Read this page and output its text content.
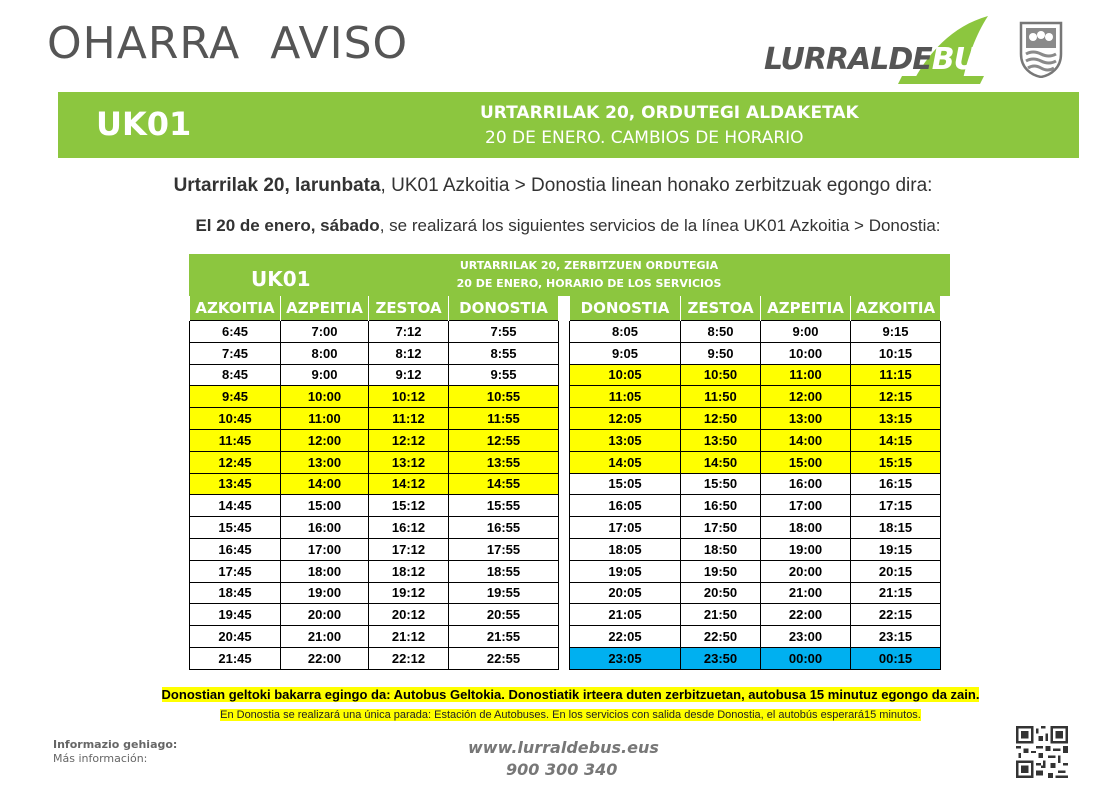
OHARRA  AVISO	LURRALDEBUS
UK01	URTARRILAK 20, ORDUTEGI ALDAKETAK
20 DE ENERO. CAMBIOS DE HORARIO
Urtarrilak 20, larunbata, UK01 Azkoitia > Donostia linean honako zerbitzuak egongo dira:
El 20 de enero, sábado, se realizará los siguientes servicios de la línea UK01 Azkoitia > Donostia:
UK01
URTARRILAK 20, ZERBITZUEN ORDUTEGIA
20 DE ENERO, HORARIO DE LOS SERVICIOS
AZKOITIA	AZPEITIA	ZESTOA	DONOSTIA
6:45	7:00	7:12	7:55
7:45	8:00	8:12	8:55
8:45	9:00	9:12	9:55
9:45	10:00	10:12	10:55
10:45	11:00	11:12	11:55
11:45	12:00	12:12	12:55
12:45	13:00	13:12	13:55
13:45	14:00	14:12	14:55
14:45	15:00	15:12	15:55
15:45	16:00	16:12	16:55
16:45	17:00	17:12	17:55
17:45	18:00	18:12	18:55
18:45	19:00	19:12	19:55
19:45	20:00	20:12	20:55
20:45	21:00	21:12	21:55
21:45	22:00	22:12	22:55
DONOSTIA	ZESTOA	AZPEITIA	AZKOITIA
8:05	8:50	9:00	9:15
9:05	9:50	10:00	10:15
10:05	10:50	11:00	11:15
11:05	11:50	12:00	12:15
12:05	12:50	13:00	13:15
13:05	13:50	14:00	14:15
14:05	14:50	15:00	15:15
15:05	15:50	16:00	16:15
16:05	16:50	17:00	17:15
17:05	17:50	18:00	18:15
18:05	18:50	19:00	19:15
19:05	19:50	20:00	20:15
20:05	20:50	21:00	21:15
21:05	21:50	22:00	22:15
22:05	22:50	23:00	23:15
23:05	23:50	00:00	00:15
Donostian geltoki bakarra egingo da: Autobus Geltokia. Donostiatik irteera duten zerbitzuetan, autobusa 15 minutuz egongo da zain.
En Donostia se realizará una única parada: Estación de Autobuses. En los servicios con salida desde Donostia, el autobús esperará15 minutos.
Informazio gehiago:
Más información:
www.lurraldebus.eus
900 300 340
